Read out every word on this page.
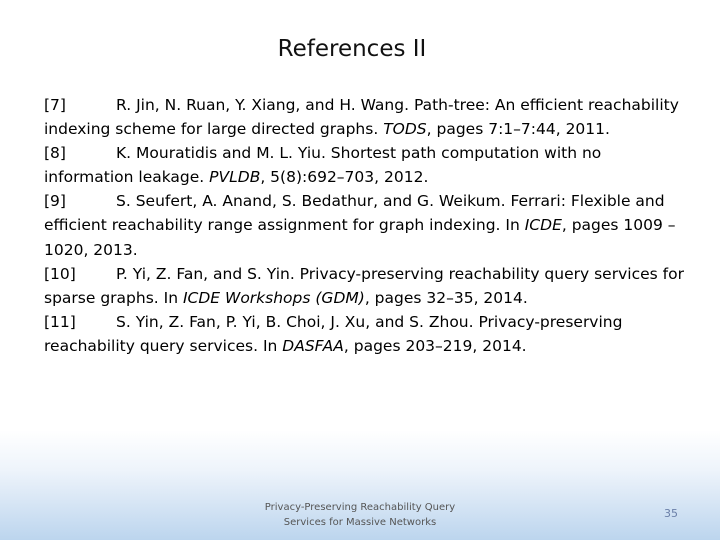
References II

[7]	R. Jin, N. Ruan, Y. Xiang, and H. Wang. Path-tree: An efficient reachability indexing scheme for large directed graphs. TODS, pages 7:1–7:44, 2011.

[8]	K. Mouratidis and M. L. Yiu. Shortest path computation with no information leakage. PVLDB, 5(8):692–703, 2012.

[9]	S. Seufert, A. Anand, S. Bedathur, and G. Weikum. Ferrari: Flexible and efficient reachability range assignment for graph indexing. In ICDE, pages 1009 –1020, 2013.

[10]	P. Yi, Z. Fan, and S. Yin. Privacy-preserving reachability query services for sparse graphs. In ICDE Workshops (GDM), pages 32–35, 2014.

[11]	S. Yin, Z. Fan, P. Yi, B. Choi, J. Xu, and S. Zhou. Privacy-preserving reachability query services. In DASFAA, pages 203–219, 2014.

Privacy-Preserving Reachability Query
Services for Massive Networks
35
